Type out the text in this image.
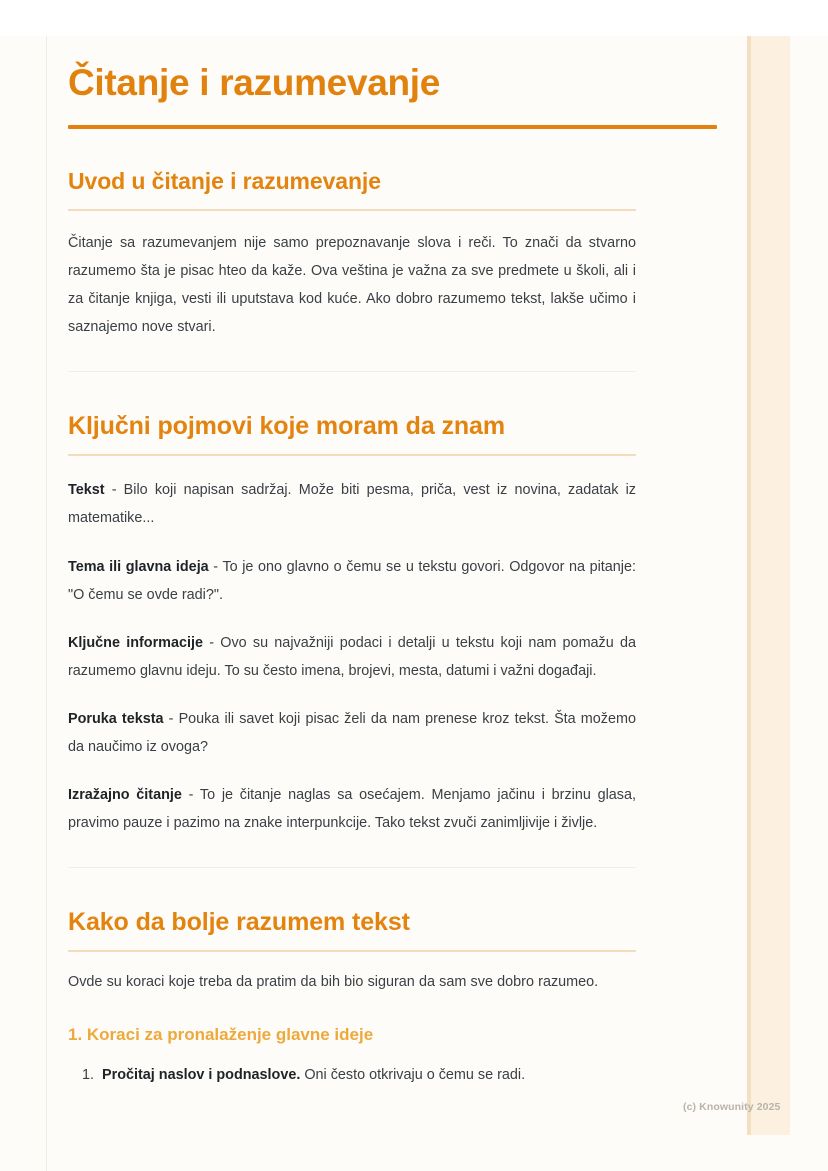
Čitanje i razumevanje
Uvod u čitanje i razumevanje

Čitanje sa razumevanjem nije samo prepoznavanje slova i reči. To znači da stvarno razumemo šta je pisac hteo da kaže. Ova veština je važna za sve predmete u školi, ali i za čitanje knjiga, vesti ili uputstava kod kuće. Ako dobro razumemo tekst, lakše učimo i saznajemo nove stvari.

Ključni pojmovi koje moram da znam

Tekst - Bilo koji napisan sadržaj. Može biti pesma, priča, vest iz novina, zadatak iz matematike...

Tema ili glavna ideja - To je ono glavno o čemu se u tekstu govori. Odgovor na pitanje: "O čemu se ovde radi?".

Ključne informacije - Ovo su najvažniji podaci i detalji u tekstu koji nam pomažu da razumemo glavnu ideju. To su često imena, brojevi, mesta, datumi i važni događaji.

Poruka teksta - Pouka ili savet koji pisac želi da nam prenese kroz tekst. Šta možemo da naučimo iz ovoga?

Izražajno čitanje - To je čitanje naglas sa osećajem. Menjamo jačinu i brzinu glasa, pravimo pauze i pazimo na znake interpunkcije. Tako tekst zvuči zanimljivije i življe.

Kako da bolje razumem tekst

Ovde su koraci koje treba da pratim da bih bio siguran da sam sve dobro razumeo.

1. Koraci za pronalaženje glavne ideje
1. Pročitaj naslov i podnaslove. Oni često otkrivaju o čemu se radi.
(c) Knowunity 2025
